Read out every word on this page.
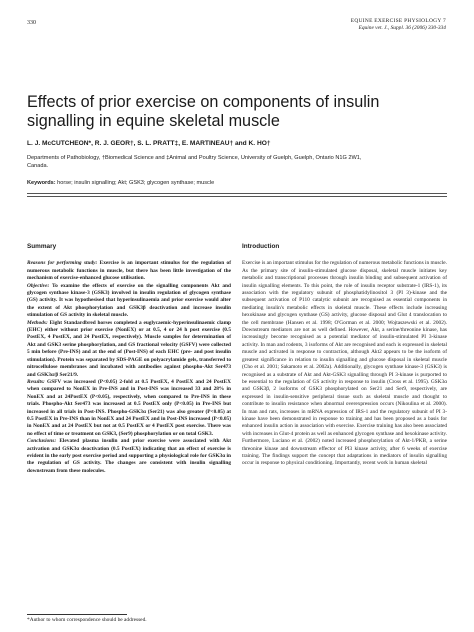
330	EQUINE EXERCISE PHYSIOLOGY 7
Equine vet. J., Suppl. 36 (2006) 330-334
Effects of prior exercise on components of insulin signalling in equine skeletal muscle
L. J. McCUTCHEON*, R. J. GEOR†, S. L. PRATT‡, E. MARTINEAU† and K. HO†
Departments of Pathobiology, †Biomedical Science and ‡Animal and Poultry Science, University of Guelph, Guelph, Ontario N1G 2W1,
Canada.
Keywords: horse; insulin signalling; Akt; GSK3; glycogen synthase; muscle
Summary

Reasons for performing study: Exercise is an important stimulus for the regulation of numerous metabolic functions in muscle, but there has been little investigation of the mechanism of exercise-enhanced glucose utilisation.

Objective: To examine the effects of exercise on the signalling components Akt and glycogen synthase kinase-3 (GSK3) involved in insulin regulation of glycogen synthase (GS) activity. It was hypothesised that hyperinsulinaemia and prior exercise would alter the extent of Akt phosphorylation and GSK3β deactivation and increase insulin stimulation of GS activity in skeletal muscle.

Methods: Eight Standardbred horses completed a euglycaemic-hyperinsulinaemic clamp (EHC) either without prior exercise (NonEX) or at 0.5, 4 or 24 h post exercise (0.5 PostEX, 4 PostEX, and 24 PostEX, respectively). Muscle samples for determination of Akt and GSK3 serine phosphorylation, and GS fractional velocity (GSFV) were collected 5 min before (Pre-INS) and at the end of (Post-INS) of each EHC (pre- and post insulin stimulation). Protein was separated by SDS-PAGE on polyacrylamide gels, transferred to nitrocellulose membranes and incubated with antibodies against phospho-Akt Ser473 and GSK3α/β Ser21/9.

Results: GSFV was increased (P<0.05) 2-fold at 0.5 PostEX, 4 PostEX and 24 PostEX when compared to NonEX in Pre-INS and in Post-INS was increased 33 and 28% in NonEX and at 24PostEX (P<0.05), respectively, when compared to Pre-INS in these trials. Phospho-Akt Ser473 was increased at 0.5 PostEX only (P<0.05) in Pre-INS but increased in all trials in Post-INS. Phospho-GSK3α (Ser21) was also greater (P<0.05) at 0.5 PostEX in Pre-INS than in NonEX and 24 PostEX and in Post-INS increased (P<0.05) in NonEX and at 24 PostEX but not at 0.5 PostEX or 4 PostEX post exercise. There was no effect of time or treatment on GSK3, (Ser9) phosphorylation or on total GSK3.

Conclusions: Elevated plasma insulin and prior exercise were associated with Akt activation and GSK3α deactivation (0.5 PostEX) indicating that an effect of exercise is evident in the early post exercise period and supporting a physiological role for GSK3α in the regulation of GS activity. The changes are consistent with insulin signalling downstream from these molecules.

Introduction

Exercise is an important stimulus for the regulation of numerous metabolic functions in muscle. As the primary site of insulin-stimulated glucose disposal, skeletal muscle initiates key metabolic and transcriptional processes through insulin binding and subsequent activation of insulin signalling elements. To this point, the role of insulin receptor substrate-1 (IRS-1), its association with the regulatory subunit of phosphatidylinositol 3 (PI 3)-kinase and the subsequent activation of P110 catalytic subunit are recognised as essential components in mediating insulin's metabolic effects in skeletal muscle. These effects include increasing hexokinase and glycogen synthase (GS) activity, glucose disposal and Glut 4 translocation to the cell membrane (Hansen et al. 1998; O'Gorman et al. 2000; Wojtaszewski et al. 2002). Downstream mediators are not as well defined. However, Akt, a serine/threonine kinase, has increasingly become recognised as a potential mediator of insulin-stimulated PI 3-kinase activity. In man and rodents, 3 isoforms of Akt are recognised and each is expressed in skeletal muscle and activated in response to contraction, although Akt2 appears to be the isoform of greatest significance in relation to insulin signalling and glucose disposal in skeletal muscle (Cho et al. 2001; Sakamoto et al. 2002a). Additionally, glycogen synthase kinase-3 (GSK3) is recognised as a substrate of Akt and Akt-GSK3 signalling through PI 3-kinase is purported to be essential to the regulation of GS activity in response to insulin (Cross et al. 1995). GSK3α and GSK3β, 2 isoforms of GSK3 phosphorylated on Ser21 and Ser9, respectively, are expressed in insulin-sensitive peripheral tissue such as skeletal muscle and thought to contribute to insulin resistance when abnormal overexpression occurs (Nikoulina et al. 2000). In man and rats, increases in mRNA expression of IRS-1 and the regulatory subunit of PI 3-kinase have been demonstrated in response to training and has been proposed as a basis for enhanced insulin action in association with exercise. Exercise training has also been associated with increases in Glut-4 protein as well as enhanced glycogen synthase and hexokinase activity. Furthermore, Luciano et al. (2002) noted increased phosphorylation of Akt-1/PKB, a serine threonine kinase and downstream effector of PI3 kinase activity, after 6 weeks of exercise training. The findings support the concept that adaptations in mediators of insulin signalling occur in response to physical conditioning. Importantly, recent work in human skeletal

*Author to whom correspondence should be addressed.
